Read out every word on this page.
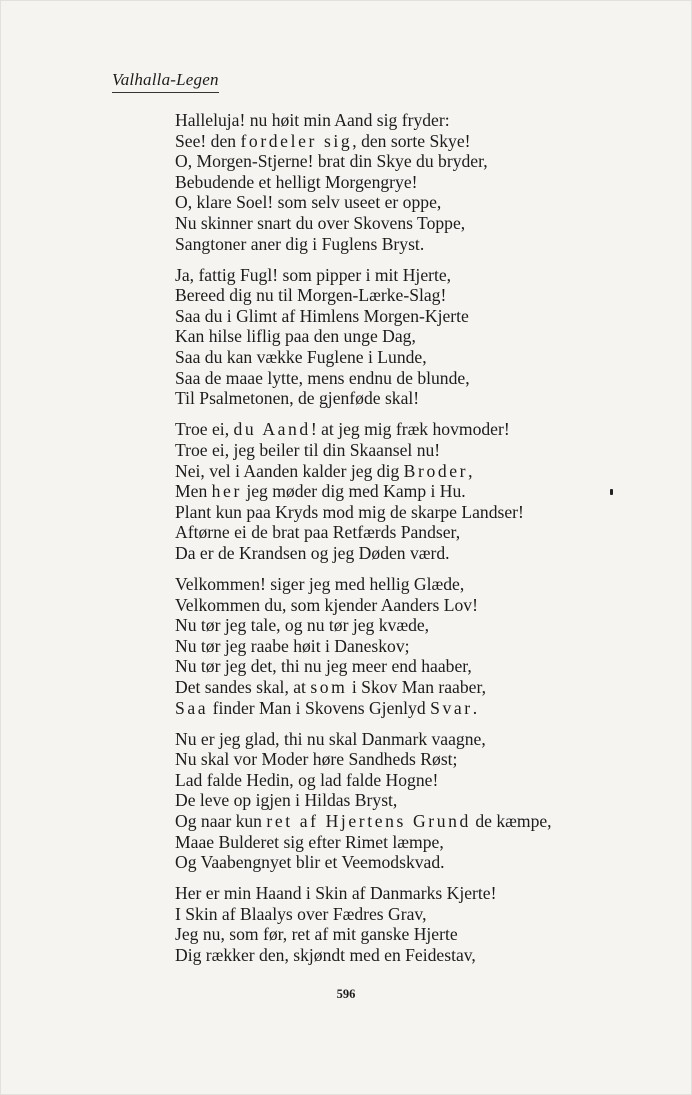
Valhalla-Legen
Halleluja! nu høit min Aand sig fryder:
See! den fordeler sig, den sorte Skye!
O, Morgen-Stjerne! brat din Skye du bryder,
Bebudende et helligt Morgengrye!
O, klare Soel! som selv useet er oppe,
Nu skinner snart du over Skovens Toppe,
Sangtoner aner dig i Fuglens Bryst.
Ja, fattig Fugl! som pipper i mit Hjerte,
Bereed dig nu til Morgen-Lærke-Slag!
Saa du i Glimt af Himlens Morgen-Kjerte
Kan hilse liflig paa den unge Dag,
Saa du kan vække Fuglene i Lunde,
Saa de maae lytte, mens endnu de blunde,
Til Psalmetonen, de gjenføde skal!
Troe ei, du Aand! at jeg mig fræk hovmoder!
Troe ei, jeg beiler til din Skaansel nu!
Nei, vel i Aanden kalder jeg dig Broder,
Men her jeg møder dig med Kamp i Hu.
Plant kun paa Kryds mod mig de skarpe Landser!
Aftørne ei de brat paa Retfærds Pandser,
Da er de Krandsen og jeg Døden værd.
Velkommen! siger jeg med hellig Glæde,
Velkommen du, som kjender Aanders Lov!
Nu tør jeg tale, og nu tør jeg kvæde,
Nu tør jeg raabe høit i Daneskov;
Nu tør jeg det, thi nu jeg meer end haaber,
Det sandes skal, at som i Skov Man raaber,
Saa finder Man i Skovens Gjenlyd Svar.
Nu er jeg glad, thi nu skal Danmark vaagne,
Nu skal vor Moder høre Sandheds Røst;
Lad falde Hedin, og lad falde Hogne!
De leve op igjen i Hildas Bryst,
Og naar kun ret af Hjertens Grund de kæmpe,
Maae Bulderet sig efter Rimet læmpe,
Og Vaabengnyet blir et Veemodskvad.
Her er min Haand i Skin af Danmarks Kjerte!
I Skin af Blaalys over Fædres Grav,
Jeg nu, som før, ret af mit ganske Hjerte
Dig rækker den, skjøndt med en Feidestav,
596
